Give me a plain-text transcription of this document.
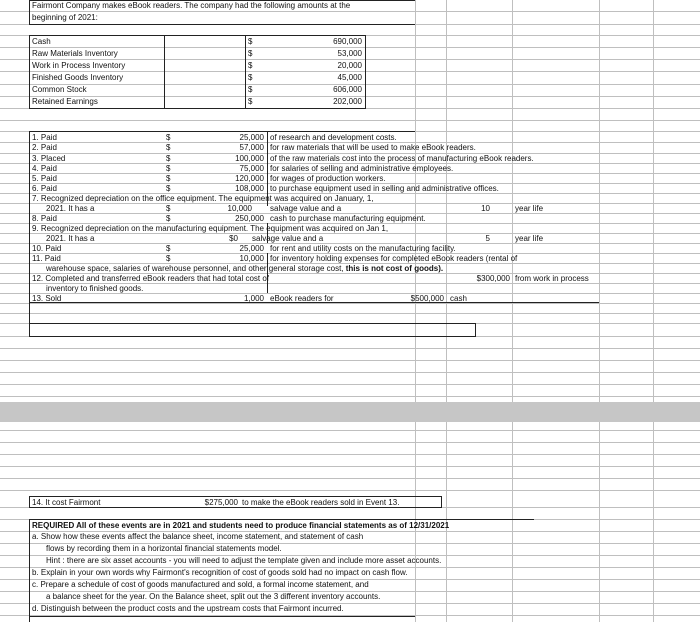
Fairmont Company makes eBook readers. The company had the following amounts at the
beginning of 2021:
Cash	$	690,000
Raw Materials Inventory	$	53,000
Work in Process Inventory	$	20,000
Finished Goods Inventory	$	45,000
Common Stock	$	606,000
Retained Earnings	$	202,000
1. Paid	$	25,000 of research and development costs.
2. Paid	$	57,000 for raw materials that will be used to make eBook readers.
3. Placed	$	100,000 of the raw materials cost into the process of manufacturing eBook readers.
4. Paid	$	75,000 for salaries of selling and administrative employees.
5. Paid	$	120,000 for wages of production workers.
6. Paid	$	108,000 to purchase equipment used in selling and administrative offices.
7. Recognized depreciation on the office equipment. The equipment was acquired on January, 1,
2021. It has a	$	10,000 salvage value and a	10	year life
8. Paid	$	250,000 cash to purchase manufacturing equipment.
9. Recognized depreciation on the manufacturing equipment. The equipment was acquired on Jan 1,
2021. It has a	$0 salvage value and a	5	year life
10. Paid	$	25,000 for rent and utility costs on the manufacturing facility.
11. Paid	$	10,000 for inventory holding expenses for completed eBook readers (rental of
warehouse space, salaries of warehouse personnel, and other general storage cost, this is not cost of goods).
12. Completed and transferred eBook readers that had total cost of	$300,000 from work in process
inventory to finished goods.
13. Sold	1,000 eBook readers for	$500,000 cash
14. It cost Fairmont	$275,000 to make the eBook readers sold in Event 13.
REQUIRED All of these events are in 2021 and students need to produce financial statements as of 12/31/2021
a. Show how these events affect the balance sheet, income statement, and statement of cash
flows by recording them in a horizontal financial statements model.
Hint : there are six asset accounts - you will need to adjust the template given and include more asset accounts.
b. Explain in your own words why Fairmont's recognition of cost of goods sold had no impact on cash flow.
c. Prepare a schedule of cost of goods manufactured and sold, a formal income statement, and
a balance sheet for the year. On the Balance sheet, split out the 3 different inventory accounts.
d. Distinguish between the product costs and the upstream costs that Fairmont incurred.
